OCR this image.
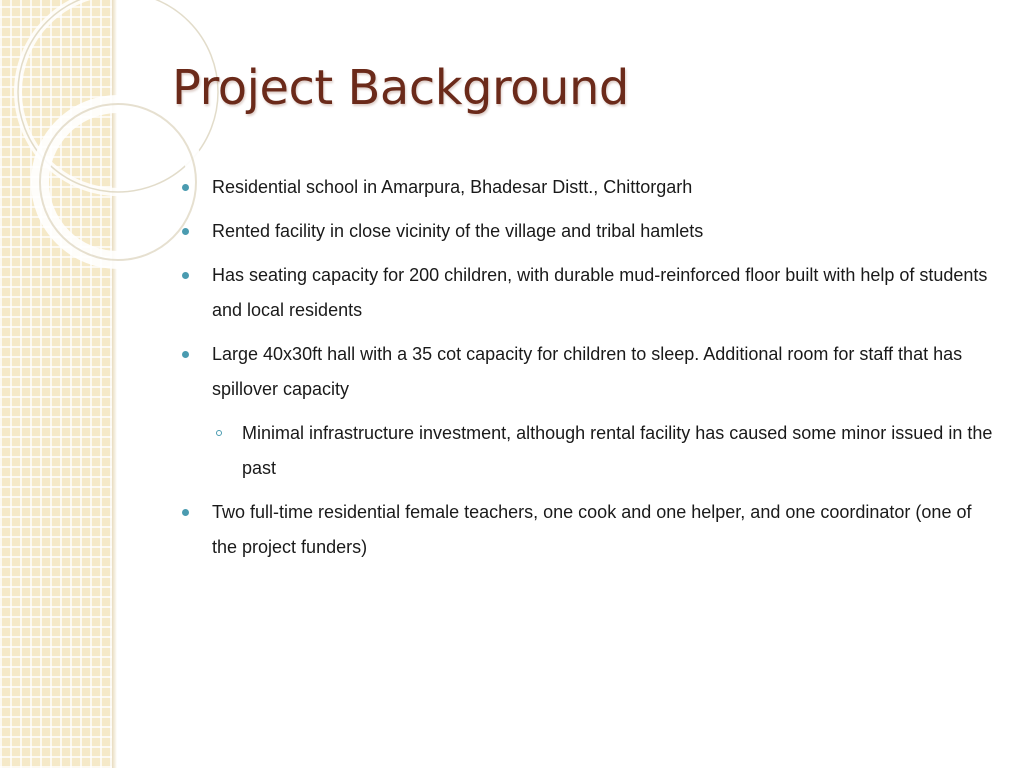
Project Background
Residential school in Amarpura, Bhadesar Distt., Chittorgarh
Rented facility in close vicinity of the village and tribal hamlets
Has seating capacity for 200 children, with durable mud-reinforced floor built with help of students and local residents
Large 40x30ft hall with a 35 cot capacity for children to sleep. Additional room for staff that has spillover capacity
Minimal infrastructure investment, although rental facility has caused some minor issued in the past
Two full-time residential female teachers, one cook and one helper, and one coordinator (one of the project funders)
